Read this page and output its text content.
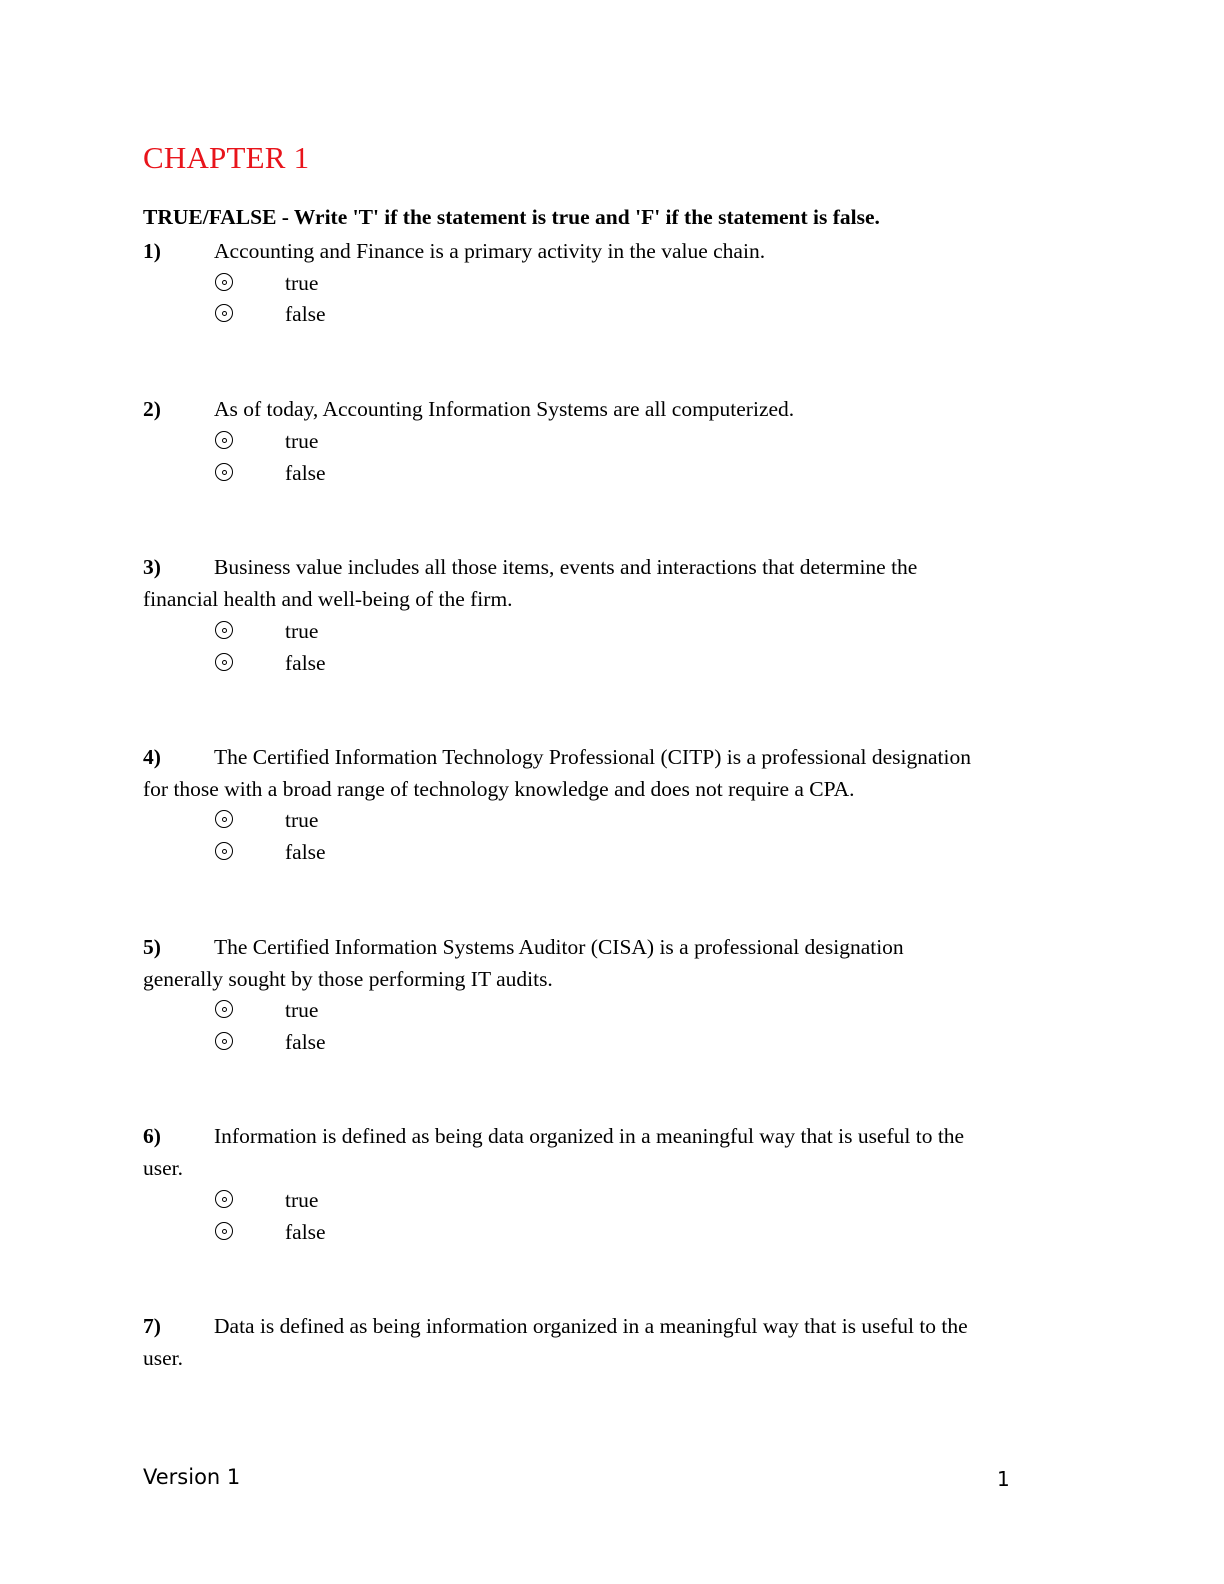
CHAPTER 1
TRUE/FALSE - Write 'T' if the statement is true and 'F' if the statement is false.
1) Accounting and Finance is a primary activity in the value chain.
true
false
2) As of today, Accounting Information Systems are all computerized.
true
false
3) Business value includes all those items, events and interactions that determine the
financial health and well-being of the firm.
true
false
4) The Certified Information Technology Professional (CITP) is a professional designation
for those with a broad range of technology knowledge and does not require a CPA.
true
false
5) The Certified Information Systems Auditor (CISA) is a professional designation
generally sought by those performing IT audits.
true
false
6) Information is defined as being data organized in a meaningful way that is useful to the
user.
true
false
7) Data is defined as being information organized in a meaningful way that is useful to the
user.
Version 1	1
